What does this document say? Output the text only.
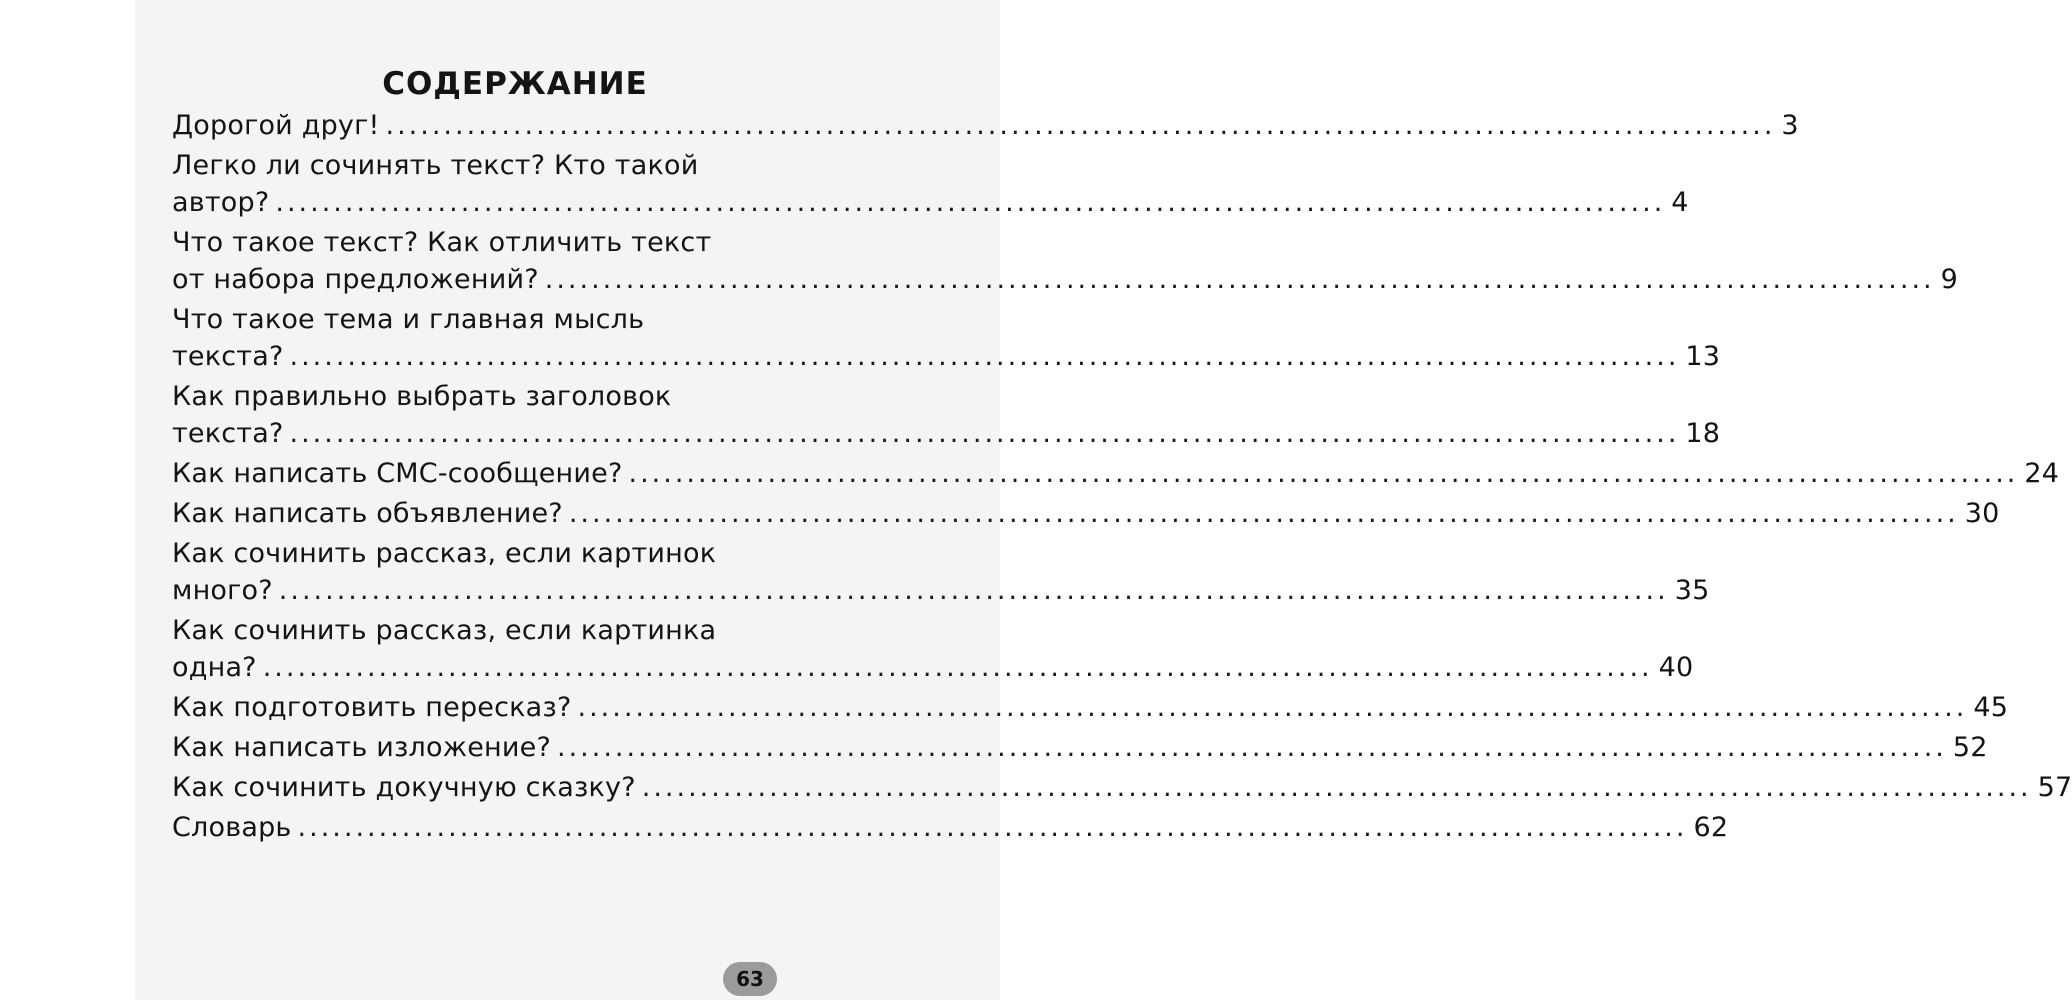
СОДЕРЖАНИЕ
Дорогой друг! ........................................................................................................................ 3
Легко ли сочинять текст? Кто такой
автор? ........................................................................................................................ 4
Что такое текст? Как отличить текст
от набора предложений? ........................................................................................................................ 9
Что такое тема и главная мысль
текста? ........................................................................................................................ 13
Как правильно выбрать заголовок
текста? ........................................................................................................................ 18
Как написать СМС-сообщение? ........................................................................................................................ 24
Как написать объявление? ........................................................................................................................ 30
Как сочинить рассказ, если картинок
много? ........................................................................................................................ 35
Как сочинить рассказ, если картинка
одна? ........................................................................................................................ 40
Как подготовить пересказ? ........................................................................................................................ 45
Как написать изложение? ........................................................................................................................ 52
Как сочинить докучную сказку? ........................................................................................................................ 57
Словарь ........................................................................................................................ 62
63
